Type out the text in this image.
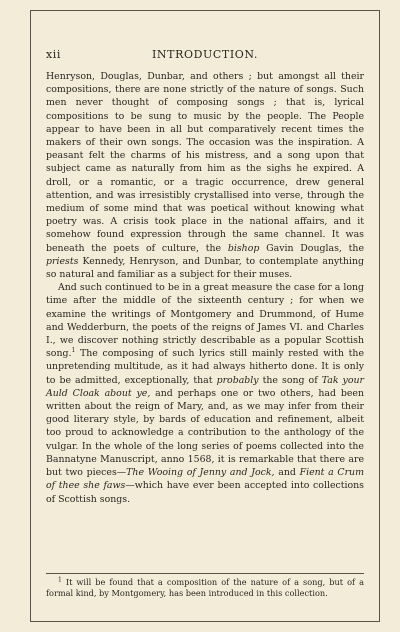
xii	INTRODUCTION.

Henryson, Douglas, Dunbar, and others ; but amongst all their compositions, there are none strictly of the nature of songs. Such men never thought of composing songs ; that is, lyrical compositions to be sung to music by the people. The People appear to have been in all but comparatively recent times the makers of their own songs. The occasion was the inspiration. A peasant felt the charms of his mistress, and a song upon that subject came as naturally from him as the sighs he expired. A droll, or a romantic, or a tragic occurrence, drew general attention, and was irresistibly crystallised into verse, through the medium of some mind that was poetical without knowing what poetry was. A crisis took place in the national affairs, and it somehow found expression through the same channel. It was beneath the poets of culture, the bishop Gavin Douglas, the priests Kennedy, Henryson, and Dunbar, to contemplate anything so natural and familiar as a subject for their muses.

And such continued to be in a great measure the case for a long time after the middle of the sixteenth century ; for when we examine the writings of Montgomery and Drummond, of Hume and Wedderburn, the poets of the reigns of James VI. and Charles I., we discover nothing strictly describable as a popular Scottish song.$^1$ The composing of such lyrics still mainly rested with the unpretending multitude, as it had always hitherto done. It is only to be admitted, exceptionally, that probably the song of Tak your Auld Cloak about ye, and perhaps one or two others, had been written about the reign of Mary, and, as we may infer from their good literary style, by bards of education and refinement, albeit too proud to acknowledge a contribution to the anthology of the vulgar. In the whole of the long series of poems collected into the Bannatyne Manuscript, anno 1568, it is remarkable that there are but two pieces—The Wooing of Jenny and Jock, and Fient a Crum of thee she faws—which have ever been accepted into collections of Scottish songs.

$^1$ It will be found that a composition of the nature of a song, but of a formal kind, by Montgomery, has been introduced in this collection.
